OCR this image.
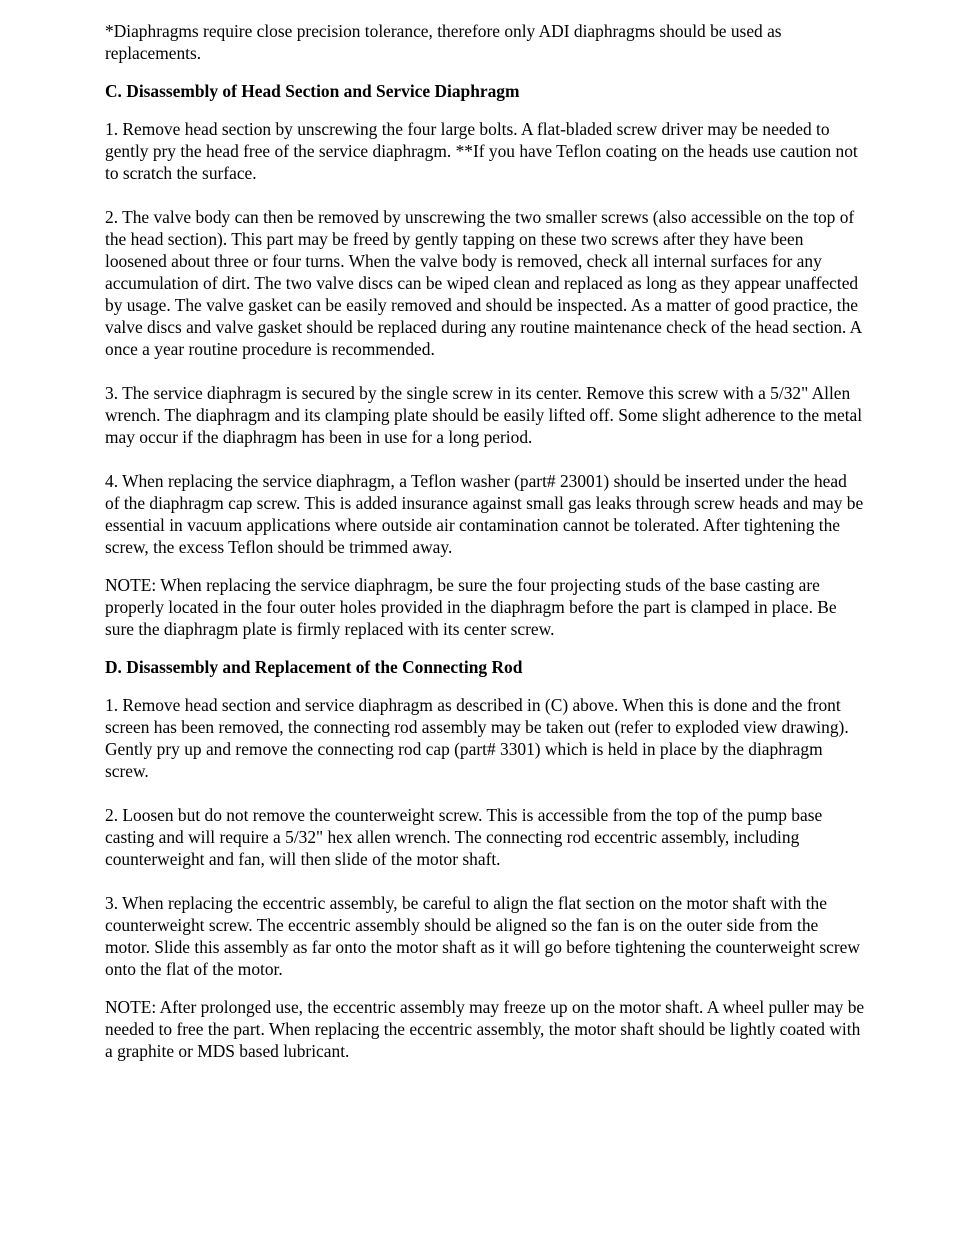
*Diaphragms require close precision tolerance, therefore only ADI diaphragms should be used as replacements.

C. Disassembly of Head Section and Service Diaphragm

1. Remove head section by unscrewing the four large bolts. A flat-bladed screw driver may be needed to gently pry the head free of the service diaphragm. **If you have Teflon coating on the heads use caution not to scratch the surface.

2. The valve body can then be removed by unscrewing the two smaller screws (also accessible on the top of the head section). This part may be freed by gently tapping on these two screws after they have been loosened about three or four turns. When the valve body is removed, check all internal surfaces for any accumulation of dirt. The two valve discs can be wiped clean and replaced as long as they appear unaffected by usage. The valve gasket can be easily removed and should be inspected. As a matter of good practice, the valve discs and valve gasket should be replaced during any routine maintenance check of the head section. A once a year routine procedure is recommended.

3. The service diaphragm is secured by the single screw in its center. Remove this screw with a 5/32" Allen wrench. The diaphragm and its clamping plate should be easily lifted off. Some slight adherence to the metal may occur if the diaphragm has been in use for a long period.

4. When replacing the service diaphragm, a Teflon washer (part# 23001) should be inserted under the head of the diaphragm cap screw. This is added insurance against small gas leaks through screw heads and may be essential in vacuum applications where outside air contamination cannot be tolerated. After tightening the screw, the excess Teflon should be trimmed away.

NOTE: When replacing the service diaphragm, be sure the four projecting studs of the base casting are properly located in the four outer holes provided in the diaphragm before the part is clamped in place. Be sure the diaphragm plate is firmly replaced with its center screw.

D. Disassembly and Replacement of the Connecting Rod

1. Remove head section and service diaphragm as described in (C) above. When this is done and the front screen has been removed, the connecting rod assembly may be taken out (refer to exploded view drawing). Gently pry up and remove the connecting rod cap (part# 3301) which is held in place by the diaphragm screw.

2. Loosen but do not remove the counterweight screw. This is accessible from the top of the pump base casting and will require a 5/32" hex allen wrench. The connecting rod eccentric assembly, including counterweight and fan, will then slide of the motor shaft.

3. When replacing the eccentric assembly, be careful to align the flat section on the motor shaft with the counterweight screw. The eccentric assembly should be aligned so the fan is on the outer side from the motor. Slide this assembly as far onto the motor shaft as it will go before tightening the counterweight screw onto the flat of the motor.

NOTE: After prolonged use, the eccentric assembly may freeze up on the motor shaft. A wheel puller may be needed to free the part. When replacing the eccentric assembly, the motor shaft should be lightly coated with a graphite or MDS based lubricant.
